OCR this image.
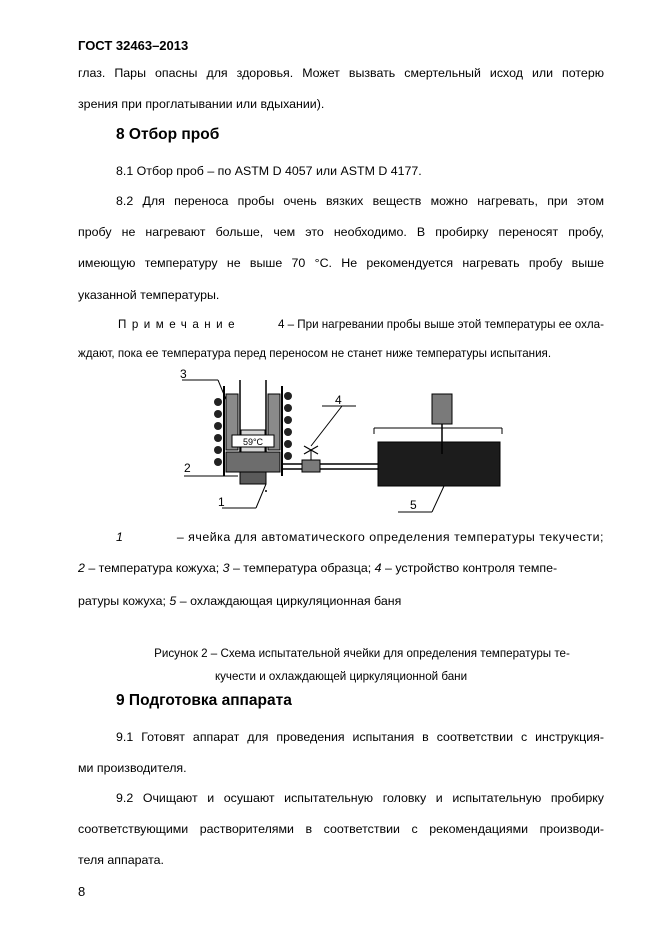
ГОСТ 32463–2013
глаз. Пары опасны для здоровья. Может вызвать смертельный исход или потерю
зрения при проглатывании или вдыхании).
8 Отбор проб
8.1 Отбор проб – по ASTM D 4057 или ASTM D 4177.
8.2 Для переноса пробы очень вязких веществ можно нагревать, при этом
пробу не нагревают больше, чем это необходимо. В пробирку переносят пробу,
имеющую температуру не выше 70 °С. Не рекомендуется нагревать пробу выше
указанной температуры.
Примечание	4 – При нагревании пробы выше этой температуры ее охла-
ждают, пока ее температура перед переносом не станет ниже температуры испытания.
3
59°C
2
1
4
5
1	– ячейка для автоматического определения температуры текучести;
2 – температура кожуха; 3 – температура образца; 4 – устройство контроля темпе-
ратуры кожуха; 5 – охлаждающая циркуляционная баня
Рисунок 2 – Схема испытательной ячейки для определения температуры те-
кучести и охлаждающей циркуляционной бани
9 Подготовка аппарата
9.1 Готовят аппарат для проведения испытания в соответствии с инструкция-
ми производителя.
9.2 Очищают и осушают испытательную головку и испытательную пробирку
соответствующими растворителями в соответствии с рекомендациями производи-
теля аппарата.
8
